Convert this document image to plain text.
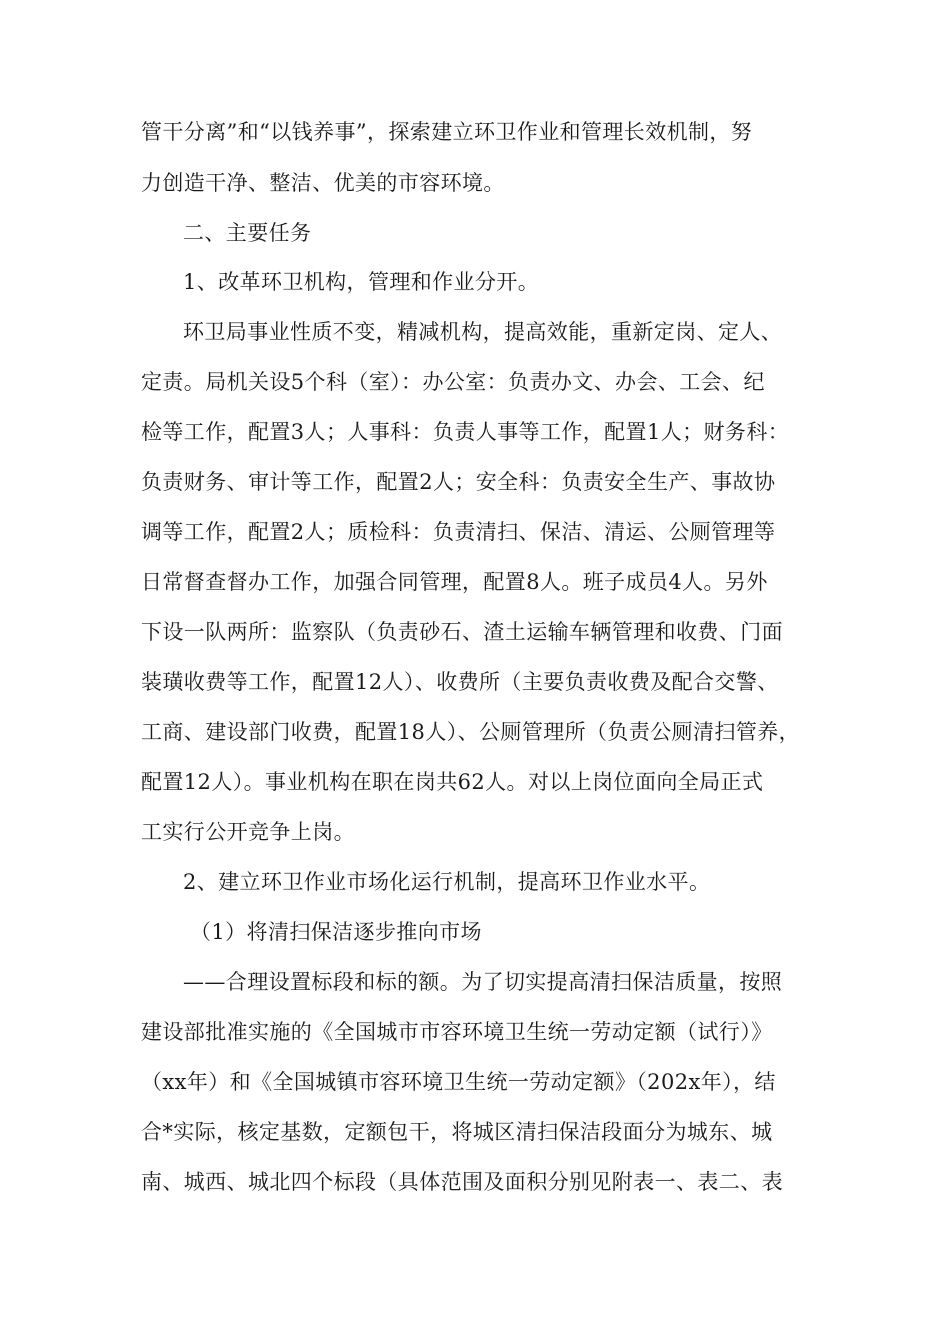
管干分离”和“以钱养事”，探索建立环卫作业和管理长效机制，努
力创造干净、整洁、优美的市容环境。
二、主要任务
1、改革环卫机构，管理和作业分开。
环卫局事业性质不变，精减机构，提高效能，重新定岗、定人、
定责。局机关设5个科（室）：办公室：负责办文、办会、工会、纪
检等工作，配置3人；人事科：负责人事等工作，配置1人；财务科：
负责财务、审计等工作，配置2人；安全科：负责安全生产、事故协
调等工作，配置2人；质检科：负责清扫、保洁、清运、公厕管理等
日常督查督办工作，加强合同管理，配置8人。班子成员4人。另外
下设一队两所：监察队（负责砂石、渣土运输车辆管理和收费、门面
装璜收费等工作，配置12人）、收费所（主要负责收费及配合交警、
工商、建设部门收费，配置18人）、公厕管理所（负责公厕清扫管养，
配置12人）。事业机构在职在岗共62人。对以上岗位面向全局正式
工实行公开竞争上岗。
2、建立环卫作业市场化运行机制，提高环卫作业水平。
（1）将清扫保洁逐步推向市场
——合理设置标段和标的额。为了切实提高清扫保洁质量，按照
建设部批准实施的《全国城市市容环境卫生统一劳动定额（试行）》
（xx年）和《全国城镇市容环境卫生统一劳动定额》（202x年），结
合*实际，核定基数，定额包干，将城区清扫保洁段面分为城东、城
南、城西、城北四个标段（具体范围及面积分别见附表一、表二、表
